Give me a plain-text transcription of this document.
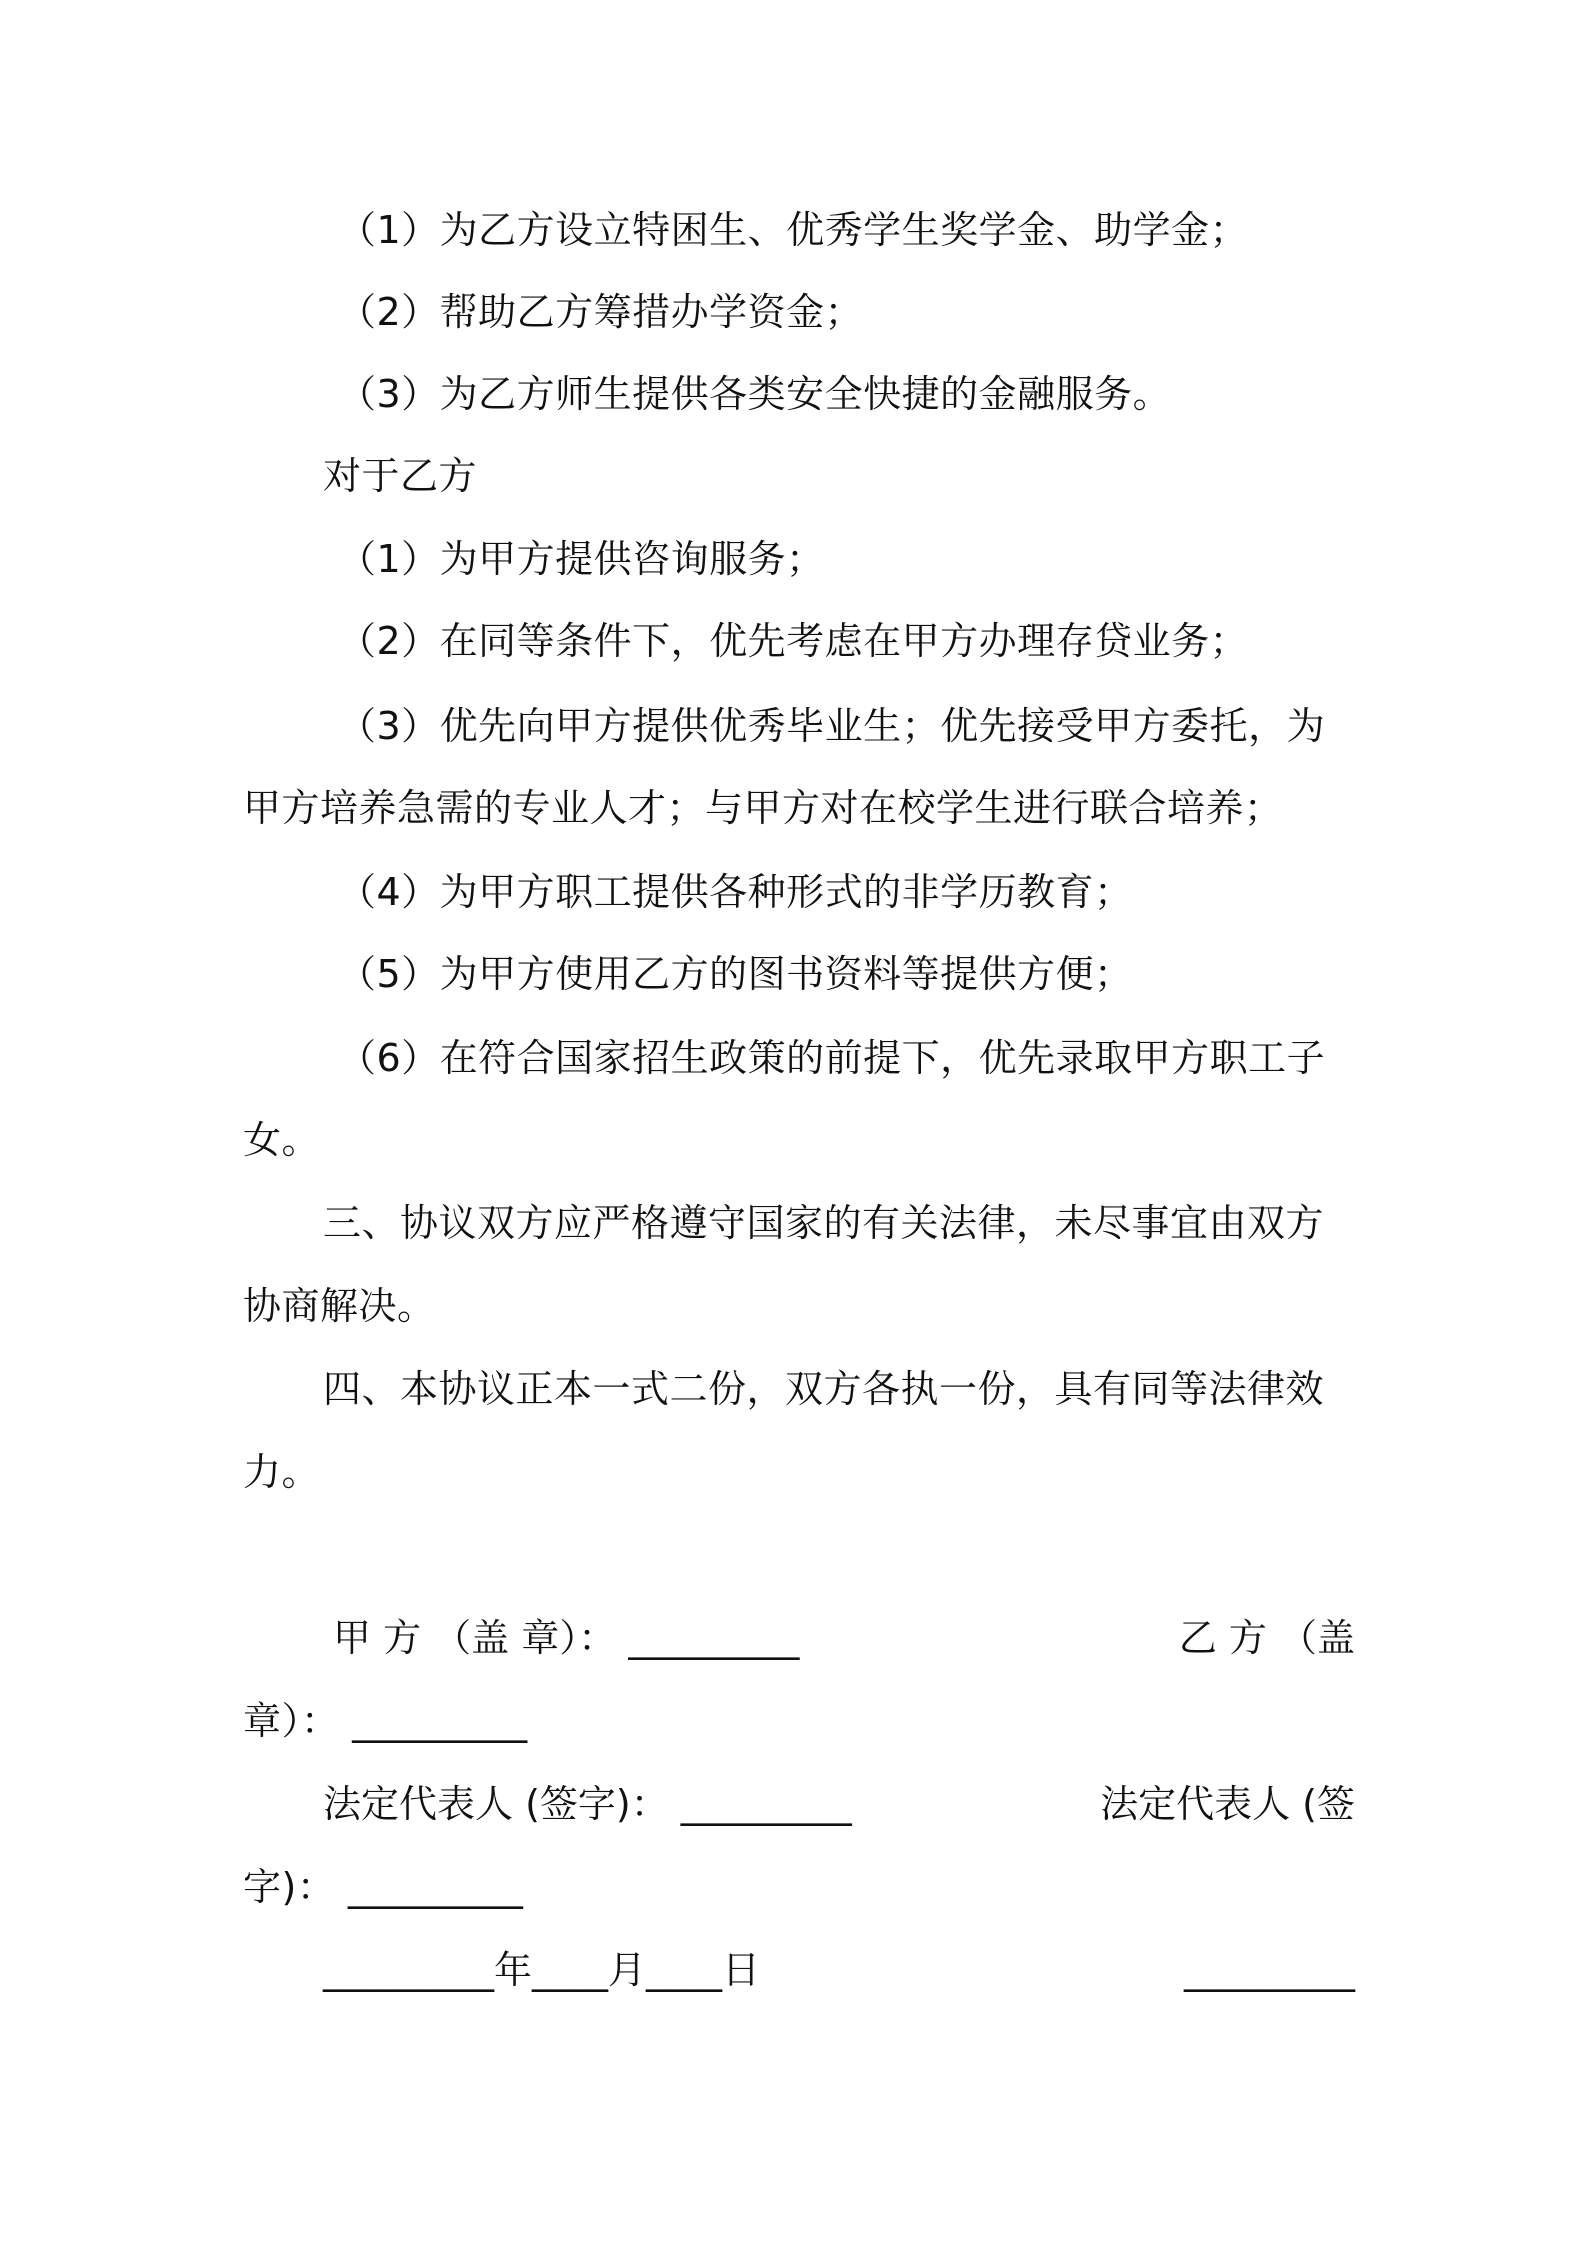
（1）为乙方设立特困生、优秀学生奖学金、助学金；
（2）帮助乙方筹措办学资金；
（3）为乙方师生提供各类安全快捷的金融服务。
对于乙方
（1）为甲方提供咨询服务；
（2）在同等条件下，优先考虑在甲方办理存贷业务；
（3）优先向甲方提供优秀毕业生；优先接受甲方委托，为
甲方培养急需的专业人才；与甲方对在校学生进行联合培养；
（4）为甲方职工提供各种形式的非学历教育；
（5）为甲方使用乙方的图书资料等提供方便；
（6）在符合国家招生政策的前提下，优先录取甲方职工子
女。
三、协议双方应严格遵守国家的有关法律，未尽事宜由双方
协商解决。
四、本协议正本一式二份，双方各执一份，具有同等法律效
力。
甲 方 （盖 章）： _________	乙 方 （盖
章）： _________
法定代表人 (签字)： _________	法定代表人 (签
字)： _________
_________年____月____日	_________
